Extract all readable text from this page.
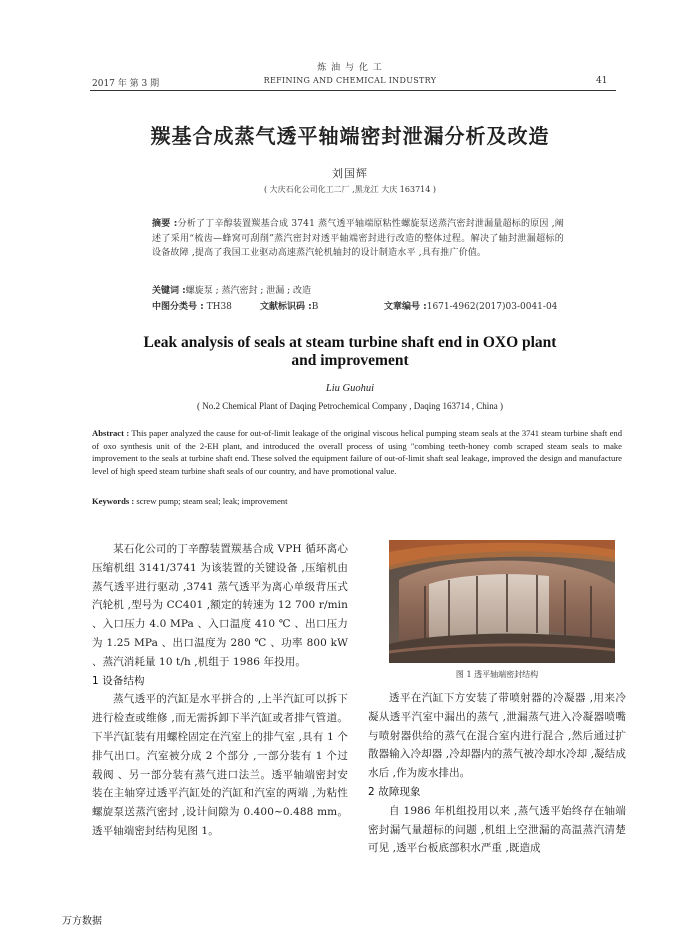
炼 油 与 化 工
2017 年 第 3 期	REFINING AND CHEMICAL INDUSTRY	41
羰基合成蒸气透平轴端密封泄漏分析及改造
刘国辉
( 大庆石化公司化工二厂 ,黑龙江 大庆 163714 )
摘要 :分析了丁辛醇装置羰基合成 3741 蒸气透平轴端原粘性螺旋泵送蒸汽密封泄漏量超标的原因 ,阐述了采用“梳齿—蜂窝可刮削”蒸汽密封对透平轴端密封进行改造的整体过程。解决了轴封泄漏超标的设备故障 ,提高了我国工业驱动高速蒸汽轮机轴封的设计制造水平 ,具有推广价值。
关键词 :螺旋泵 ; 蒸汽密封 ; 泄漏 ; 改造
中图分类号 : TH38	文献标识码 :B	文章编号 :1671-4962(2017)03-0041-04
Leak analysis of seals at steam turbine shaft end in OXO plant and improvement
Liu Guohui
( No.2 Chemical Plant of Daqing Petrochemical Company , Daqing 163714 , China )
Abstract : This paper analyzed the cause for out-of-limit leakage of the original viscous helical pumping steam seals at the 3741 steam turbine shaft end of oxo synthesis unit of the 2-EH plant, and introduced the overall process of using "combing teeth-honey comb scraped steam seals to make improvement to the seals at turbine shaft end. These solved the equipment failure of out-of-limit shaft seal leakage, improved the design and manufacture level of high speed steam turbine shaft seals of our country, and have promotional value.
Keywords : screw pump; steam seal; leak; improvement

某石化公司的丁辛醇装置羰基合成 VPH 循环离心压缩机组 3141/3741 为该装置的关键设备 ,压缩机由蒸气透平进行驱动 ,3741 蒸气透平为离心单级背压式汽轮机 ,型号为 CC401 ,额定的转速为 12 700 r/min 、入口压力 4.0 MPa 、入口温度 410 ℃ 、出口压力为 1.25 MPa 、出口温度为 280 ℃ 、功率 800 kW 、蒸汽消耗量 10 t/h ,机组于 1986 年投用。

1 设备结构

蒸气透平的汽缸是水平拼合的 ,上半汽缸可以拆下进行检查或维修 ,而无需拆卸下半汽缸或者排气管道。下半汽缸装有用螺栓固定在汽室上的排气室 ,具有 1 个排气出口。汽室被分成 2 个部分 ,一部分装有 1 个过载阀 、另一部分装有蒸气进口法兰。透平轴端密封安装在主轴穿过透平汽缸处的汽缸和汽室的两端 ,为粘性螺旋泵送蒸汽密封 ,设计间隙为 0.400~0.488 mm。透平轴端密封结构见图 1。

图 1 透平轴端密封结构

透平在汽缸下方安装了带喷射器的冷凝器 ,用来冷凝从透平汽室中漏出的蒸气 ,泄漏蒸气进入冷凝器喷嘴与喷射器供给的蒸气在混合室内进行混合 ,然后通过扩散器输入冷却器 ,冷却器内的蒸气被冷却水冷却 ,凝结成水后 ,作为废水排出。

2 故障现象

自 1986 年机组投用以来 ,蒸气透平始终存在轴端密封漏气量超标的问题 ,机组上空泄漏的高温蒸汽清楚可见 ,透平台板底部积水严重 ,既造成

万方数据
